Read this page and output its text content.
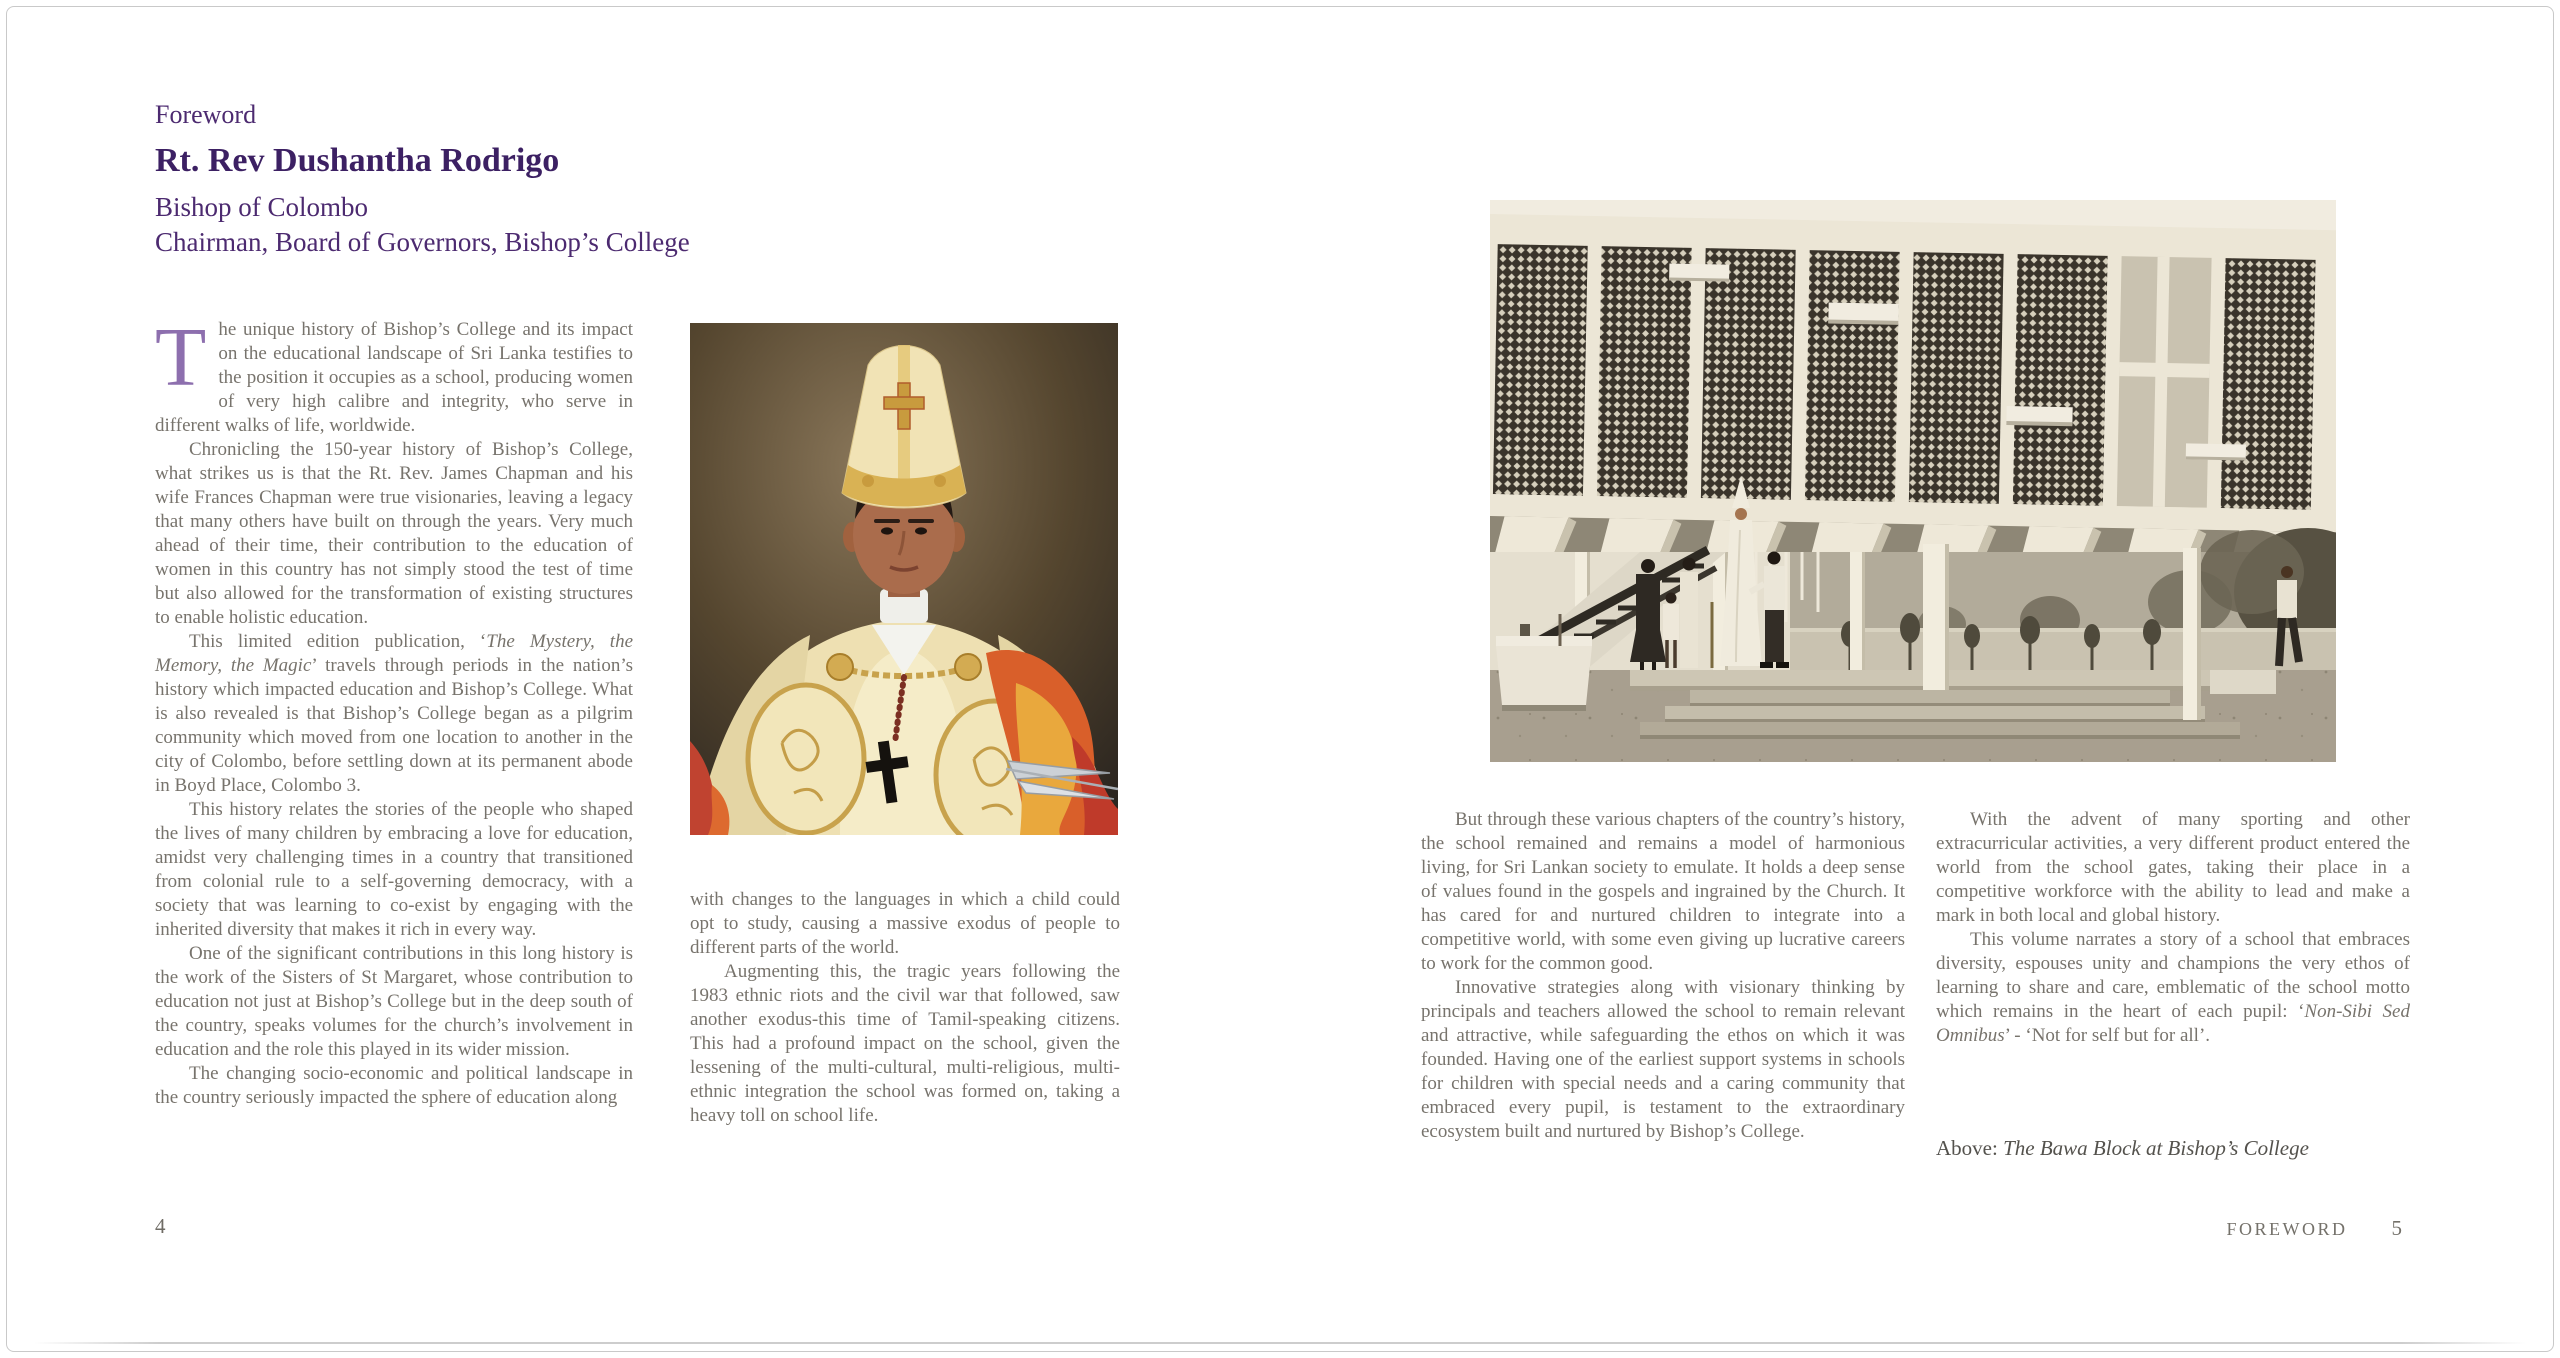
Foreword

Rt. Rev Dushantha Rodrigo

Bishop of Colombo

Chairman, Board of Governors, Bishop’s College

T he unique history of Bishop’s College and its impact on the educational landscape of Sri Lanka testifies to the position it occupies as a school, producing women of very high calibre and integrity, who serve in different walks of life, worldwide.

Chronicling the 150-year history of Bishop’s College, what strikes us is that the Rt. Rev. James Chapman and his wife Frances Chapman were true visionaries, leaving a legacy that many others have built on through the years. Very much ahead of their time, their contribution to the education of women in this country has not simply stood the test of time but also allowed for the transformation of existing structures to enable holistic education.

This limited edition publication, ‘The Mystery, the Memory, the Magic’ travels through periods in the nation’s history which impacted education and Bishop’s College. What is also revealed is that Bishop’s College began as a pilgrim community which moved from one location to another in the city of Colombo, before settling down at its permanent abode in Boyd Place, Colombo 3.

This history relates the stories of the people who shaped the lives of many children by embracing a love for education, amidst very challenging times in a country that transitioned from colonial rule to a self-governing democracy, with a society that was learning to co-exist by engaging with the inherited diversity that makes it rich in every way.

One of the significant contributions in this long history is the work of the Sisters of St Margaret, whose contribution to education not just at Bishop’s College but in the deep south of the country, speaks volumes for the church’s involvement in education and the role this played in its wider mission.

The changing socio-economic and political landscape in the country seriously impacted the sphere of education along

with changes to the languages in which a child could opt to study, causing a massive exodus of people to different parts of the world.

Augmenting this, the tragic years following the 1983 ethnic riots and the civil war that followed, saw another exodus-this time of Tamil-speaking citizens. This had a profound impact on the school, given the lessening of the multi-cultural, multi-religious, multi-ethnic integration the school was formed on, taking a heavy toll on school life.

4

But through these various chapters of the country’s history, the school remained and remains a model of harmonious living, for Sri Lankan society to emulate. It holds a deep sense of values found in the gospels and ingrained by the Church. It has cared for and nurtured children to integrate into a competitive world, with some even giving up lucrative careers to work for the common good.

Innovative strategies along with visionary thinking by principals and teachers allowed the school to remain relevant and attractive, while safeguarding the ethos on which it was founded. Having one of the earliest support systems in schools for children with special needs and a caring community that embraced every pupil, is testament to the extraordinary ecosystem built and nurtured by Bishop’s College.

With the advent of many sporting and other extracurricular activities, a very different product entered the world from the school gates, taking their place in a competitive workforce with the ability to lead and make a mark in both local and global history.

This volume narrates a story of a school that embraces diversity, espouses unity and champions the very ethos of learning to share and care, emblematic of the school motto which remains in the heart of each pupil: ‘Non-Sibi Sed Omnibus’ - ‘Not for self but for all’.

Above: The Bawa Block at Bishop’s College
FOREWORD 5
